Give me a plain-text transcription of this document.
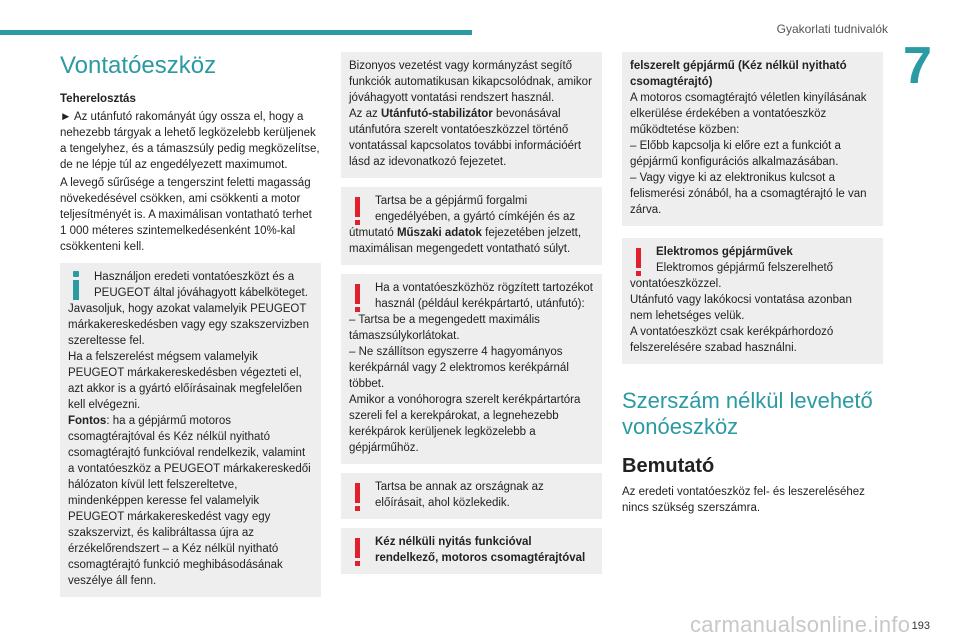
Gyakorlati tudnivalók
7
Vontatóeszköz

Teherelosztás

► Az utánfutó rakományát úgy ossza el, hogy a nehezebb tárgyak a lehető legközelebb kerüljenek a tengelyhez, és a támaszsúly pedig megközelítse, de ne lépje túl az engedélyezett maximumot.

A levegő sűrűsége a tengerszint feletti magasság növekedésével csökken, ami csökkenti a motor teljesítményét is. A maximálisan vontatható terhet 1 000 méteres szintemelkedésenként 10%-kal csökkenteni kell.

Használjon eredeti vontatóeszközt és a PEUGEOT által jóváhagyott kábelköteget. Javasoljuk, hogy azokat valamelyik PEUGEOT márkakereskedésben vagy egy szakszervizben szereltesse fel.

Ha a felszerelést mégsem valamelyik PEUGEOT márkakereskedésben végezteti el, azt akkor is a gyártó előírásainak megfelelően kell elvégezni.

Fontos: ha a gépjármű motoros csomagtérajtóval és Kéz nélkül nyitható csomagtérajtó funkcióval rendelkezik, valamint a vontatóeszköz a PEUGEOT márkakereskedői hálózaton kívül lett felszereltetve, mindenképpen keresse fel valamelyik PEUGEOT márkakereskedést vagy egy szakszervizt, és kalibráltassa újra az érzékelőrendszert – a Kéz nélkül nyitható csomagtérajtó funkció meghibásodásának veszélye áll fenn.

Bizonyos vezetést vagy kormányzást segítő funkciók automatikusan kikapcsolódnak, amikor jóváhagyott vontatási rendszert használ.

Az az Utánfutó-stabilizátor bevonásával utánfutóra szerelt vontatóeszközzel történő vontatással kapcsolatos további információért lásd az idevonatkozó fejezetet.

Tartsa be a gépjármű forgalmi engedélyében, a gyártó címkéjén és az útmutató Műszaki adatok fejezetében jelzett, maximálisan megengedett vontatható súlyt.

Ha a vontatóeszközhöz rögzített tartozékot használ (például kerékpártartó, utánfutó):

– Tartsa be a megengedett maximális támaszsúlykorlátokat.

– Ne szállítson egyszerre 4 hagyományos kerékpárnál vagy 2 elektromos kerékpárnál többet.

Amikor a vonóhorogra szerelt kerékpártartóra szereli fel a kerekpárokat, a legnehezebb kerékpárok kerüljenek legközelebb a gépjárműhöz.

Tartsa be annak az országnak az előírásait, ahol közlekedik.

Kéz nélküli nyitás funkcióval rendelkező, motoros csomagtérajtóval

felszerelt gépjármű (Kéz nélkül nyitható csomagtérajtó)

A motoros csomagtérajtó véletlen kinyílásának elkerülése érdekében a vontatóeszköz működtetése közben:

– Előbb kapcsolja ki előre ezt a funkciót a gépjármű konfigurációs alkalmazásában.

– Vagy vigye ki az elektronikus kulcsot a felismerési zónából, ha a csomagtérajtó le van zárva.

Elektromos gépjárművek

Elektromos gépjármű felszerelhető vontatóeszközzel.

Utánfutó vagy lakókocsi vontatása azonban nem lehetséges velük.

A vontatóeszközt csak kerékpárhordozó felszerelésére szabad használni.

Szerszám nélkül levehető vonóeszköz
Bemutató

Az eredeti vontatóeszköz fel- és leszereléséhez nincs szükség szerszámra.

carmanualsonline.info 193
